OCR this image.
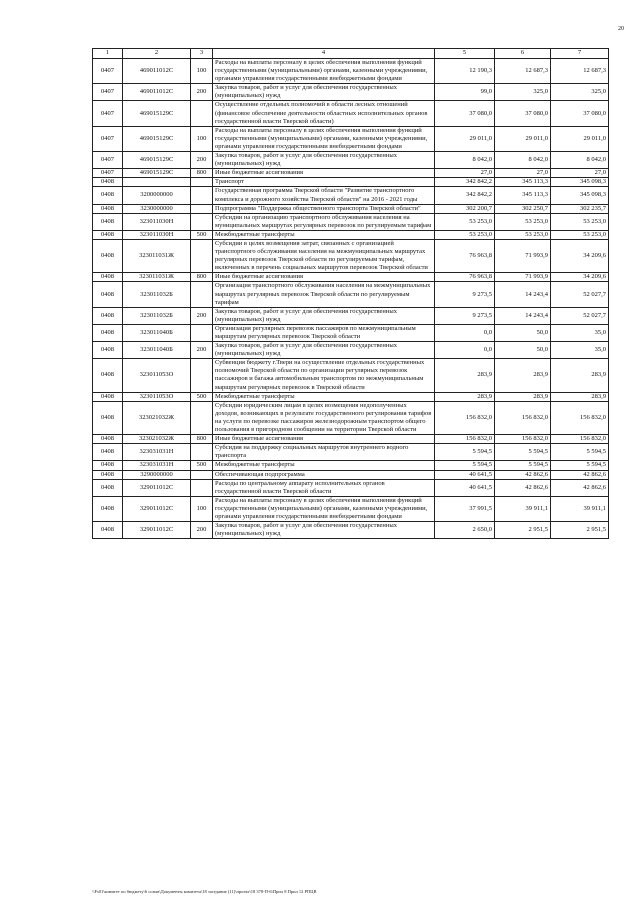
20
1	2	3	4	5	6	7
0407	469011012С	100	Расходы на выплаты персоналу в целях обеспечения выполнения функций государственными (муниципальными) органами, казенными учреждениями, органами управления государственными внебюджетными фондами	12 190,3	12 687,3	12 687,3
0407	469011012С	200	Закупка товаров, работ и услуг для обеспечения государственных (муниципальных) нужд	99,0	325,0	325,0
0407	469015129С		Осуществление отдельных полномочий в области лесных отношений (финансовое обеспечение деятельности областных исполнительных органов государственной власти Тверской области)	37 080,0	37 080,0	37 080,0
0407	469015129С	100	Расходы на выплаты персоналу в целях обеспечения выполнения функций государственными (муниципальными) органами, казенными учреждениями, органами управления государственными внебюджетными фондами	29 011,0	29 011,0	29 011,0
0407	469015129С	200	Закупка товаров, работ и услуг для обеспечения государственных (муниципальных) нужд	8 042,0	8 042,0	8 042,0
0407	469015129С	800	Иные бюджетные ассигнования	27,0	27,0	27,0
0408			Транспорт	342 842,2	345 113,3	345 098,3
0408	3200000000		Государственная программа Тверской области "Развитие транспортного комплекса и дорожного хозяйства Тверской области" на 2016 - 2021 годы	342 842,2	345 113,3	345 098,3
0408	3230000000		Подпрограмма "Поддержка общественного транспорта Тверской области"	302 200,7	302 250,7	302 235,7
0408	323011030Н		Субсидии на организацию транспортного обслуживания населения на муниципальных маршрутах регулярных перевозок по регулируемым тарифам	53 253,0	53 253,0	53 253,0
0408	323011030Н	500	Межбюджетные трансферты	53 253,0	53 253,0	53 253,0
0408	323011031Ж		Субсидии в целях возмещения затрат, связанных с организацией транспортного обслуживания населения на межмуниципальных маршрутах регулярных перевозок Тверской области по регулируемым тарифам, включенных в перечень социальных маршрутов перевозок Тверской области	76 963,8	71 993,9	34 209,6
0408	323011031Ж	800	Иные бюджетные ассигнования	76 963,8	71 993,9	34 209,6
0408	323011032Б		Организация транспортного обслуживания населения на межмуниципальных маршрутах регулярных перевозок Тверской области по регулируемым тарифам	9 273,5	14 243,4	52 027,7
0408	323011032Б	200	Закупка товаров, работ и услуг для обеспечения государственных (муниципальных) нужд	9 273,5	14 243,4	52 027,7
0408	323011040Б		Организация регулярных перевозок пассажиров по межмуниципальным маршрутам регулярных перевозок Тверской области	0,0	50,0	35,0
0408	323011040Б	200	Закупка товаров, работ и услуг для обеспечения государственных (муниципальных) нужд	0,0	50,0	35,0
0408	323011053О		Субвенция бюджету г.Твери на осуществление отдельных государственных полномочий Тверской области по организации регулярных перевозок пассажиров и багажа автомобильным транспортом по межмуниципальным маршрутам регулярных перевозок в Тверской области	283,9	283,9	283,9
0408	323011053О	500	Межбюджетные трансферты	283,9	283,9	283,9
0408	323021032Ж		Субсидии юридическим лицам в целях возмещения недополученных доходов, возникающих в результате государственного регулирования тарифов на услуги по перевозке пассажиров железнодорожным транспортом общего пользования в пригородном сообщении на территории Тверской области	156 832,0	156 832,0	156 832,0
0408	323021032Ж	800	Иные бюджетные ассигнования	156 832,0	156 832,0	156 832,0
0408	323031031Н		Субсидия на поддержку социальных маршрутов внутреннего водного транспорта	5 594,5	5 594,5	5 594,5
0408	323031031Н	500	Межбюджетные трансферты	5 594,5	5 594,5	5 594,5
0408	3290000000		Обеспечивающая подпрограмма	40 641,5	42 862,6	42 862,6
0408	329011012С		Расходы по центральному аппарату исполнительных органов государственной власти Тверской области	40 641,5	42 862,6	42 862,6
0408	329011012С	100	Расходы на выплаты персоналу в целях обеспечения выполнения функций государственными (муниципальными) органами, казенными учреждениями, органами управления государственными внебюджетными фондами	37 991,5	39 911,1	39 911,1
0408	329011012С	200	Закупка товаров, работ и услуг для обеспечения государственных (муниципальных) нужд	2 650,0	2 951,5	2 951,5
\\Fs01\комитет по бюджету\6 созыв\Документы комитета\18 заседание (11)\проект\18 378-П-6\Прил 8 Прил 12 РПЦВ
